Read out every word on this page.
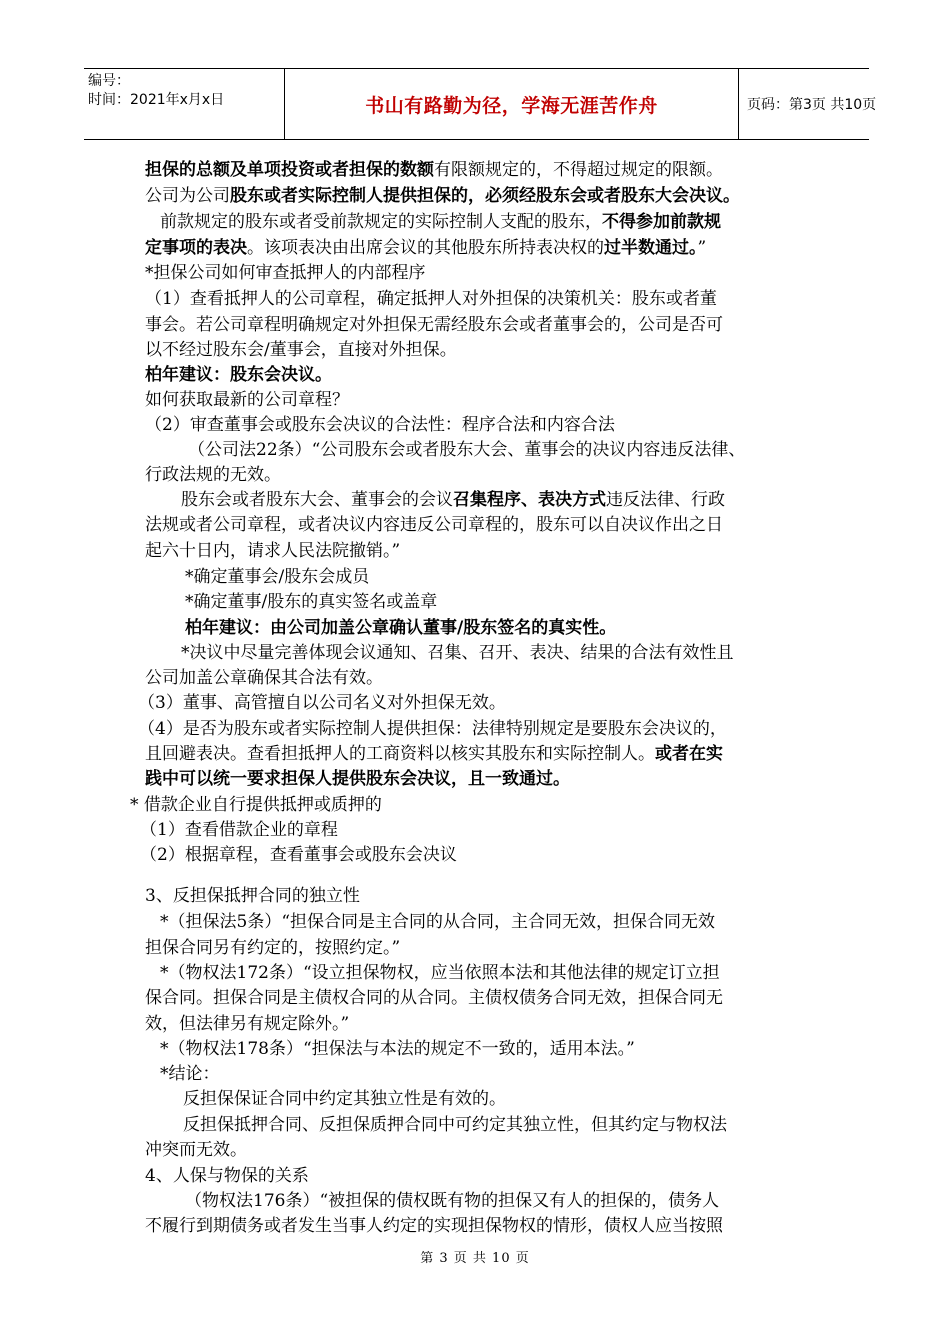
编号：
时间：2021年x月x日	书山有路勤为径，学海无涯苦作舟	页码：第3页 共10页
担保的总额及单项投资或者担保的数额有限额规定的，不得超过规定的限额。
公司为公司股东或者实际控制人提供担保的，必须经股东会或者股东大会决议。
前款规定的股东或者受前款规定的实际控制人支配的股东，不得参加前款规
定事项的表决。该项表决由出席会议的其他股东所持表决权的过半数通过。”
*担保公司如何审查抵押人的内部程序
（1）查看抵押人的公司章程，确定抵押人对外担保的决策机关：股东或者董
事会。若公司章程明确规定对外担保无需经股东会或者董事会的，公司是否可
以不经过股东会/董事会，直接对外担保。
柏年建议：股东会决议。
如何获取最新的公司章程？
（2）审查董事会或股东会决议的合法性：程序合法和内容合法
（公司法22条）“公司股东会或者股东大会、董事会的决议内容违反法律、
行政法规的无效。
股东会或者股东大会、董事会的会议召集程序、表决方式违反法律、行政
法规或者公司章程，或者决议内容违反公司章程的，股东可以自决议作出之日
起六十日内，请求人民法院撤销。”
*确定董事会/股东会成员
*确定董事/股东的真实签名或盖章
柏年建议：由公司加盖公章确认董事/股东签名的真实性。
*决议中尽量完善体现会议通知、召集、召开、表决、结果的合法有效性且
公司加盖公章确保其合法有效。
（3）董事、高管擅自以公司名义对外担保无效。
（4）是否为股东或者实际控制人提供担保：法律特别规定是要股东会决议的，
且回避表决。查看担抵押人的工商资料以核实其股东和实际控制人。或者在实
践中可以统一要求担保人提供股东会决议，且一致通过。
* 借款企业自行提供抵押或质押的
（1）查看借款企业的章程
（2）根据章程，查看董事会或股东会决议
3、反担保抵押合同的独立性
*（担保法5条）“担保合同是主合同的从合同，主合同无效，担保合同无效
担保合同另有约定的，按照约定。”
*（物权法172条）“设立担保物权，应当依照本法和其他法律的规定订立担
保合同。担保合同是主债权合同的从合同。主债权债务合同无效，担保合同无
效，但法律另有规定除外。”
*（物权法178条）“担保法与本法的规定不一致的，适用本法。”
*结论：
反担保保证合同中约定其独立性是有效的。
反担保抵押合同、反担保质押合同中可约定其独立性，但其约定与物权法
冲突而无效。
4、人保与物保的关系
（物权法176条）“被担保的债权既有物的担保又有人的担保的，债务人
不履行到期债务或者发生当事人约定的实现担保物权的情形，债权人应当按照
第 3 页 共 10 页
